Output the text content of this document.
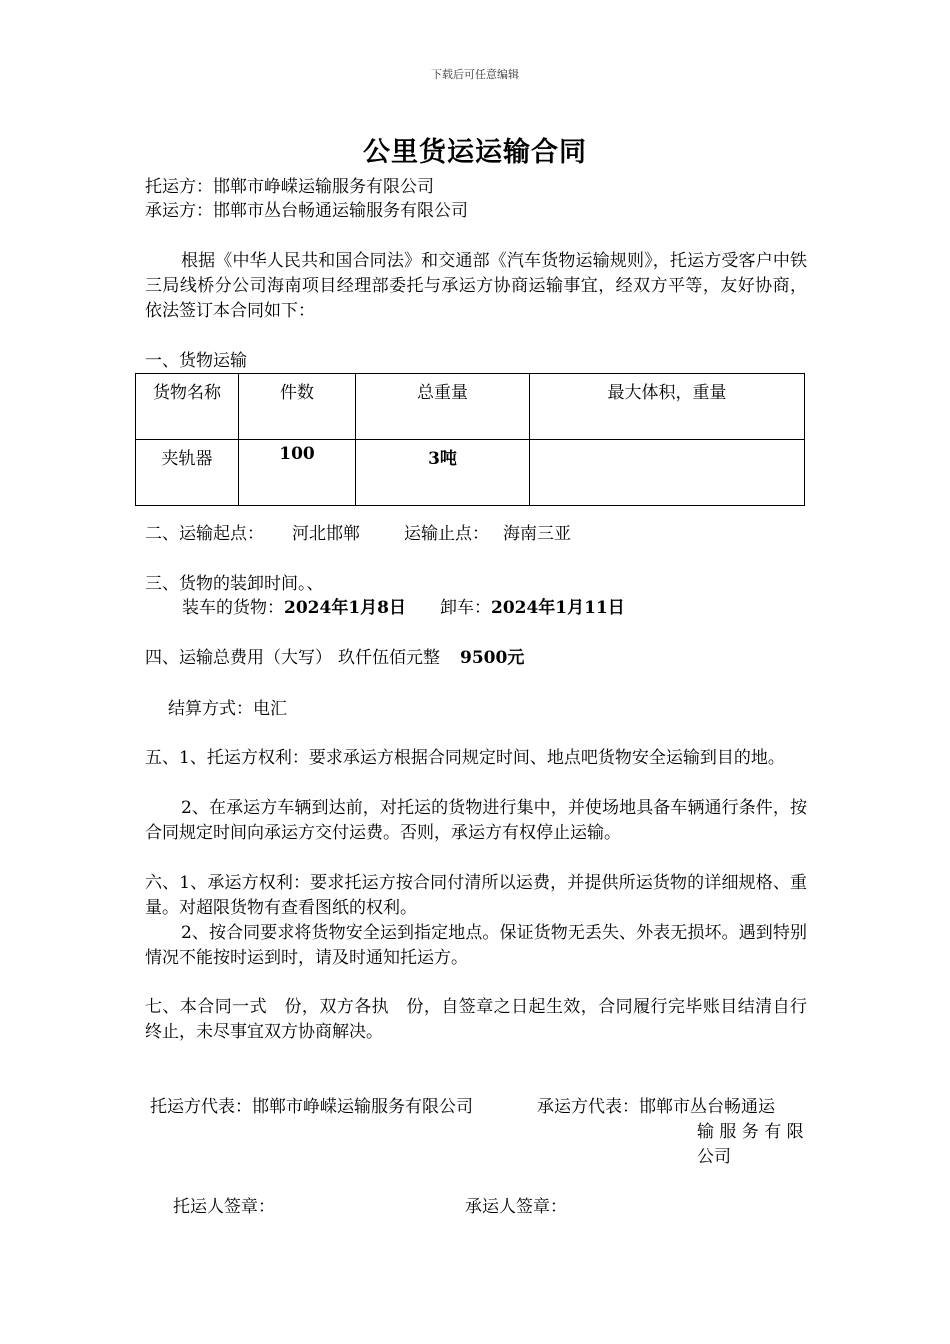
下载后可任意编辑
公里货运运输合同
托运方：邯郸市峥嵘运输服务有限公司
承运方：邯郸市丛台畅通运输服务有限公司
根据《中华人民共和国合同法》和交通部《汽车货物运输规则》，托运方受客户中铁三局线桥分公司海南项目经理部委托与承运方协商运输事宜，经双方平等，友好协商，依法签订本合同如下：
一、货物运输
货物名称	件数	总重量	最大体积，重量
夹轨器	100	3吨	
二、运输起点： 河北邯郸	运输止点： 海南三亚
三、货物的装卸时间。、
装车的货物：2024年1月8日 卸车：2024年1月11日
四、运输总费用（大写） 玖仟伍佰元整 9500元
结算方式：电汇
五、1、托运方权利：要求承运方根据合同规定时间、地点吧货物安全运输到目的地。
2、在承运方车辆到达前，对托运的货物进行集中，并使场地具备车辆通行条件，按合同规定时间向承运方交付运费。否则，承运方有权停止运输。
六、1、承运方权利：要求托运方按合同付清所以运费，并提供所运货物的详细规格、重量。对超限货物有查看图纸的权利。
2、按合同要求将货物安全运到指定地点。保证货物无丢失、外表无损坏。遇到特别情况不能按时运到时，请及时通知托运方。
七、本合同一式　份，双方各执　份，自签章之日起生效，合同履行完毕账目结清自行终止，未尽事宜双方协商解决。
托运方代表：邯郸市峥嵘运输服务有限公司	承运方代表：邯郸市丛台畅通运
输 服 务 有 限
公司
托运人签章：	承运人签章：
